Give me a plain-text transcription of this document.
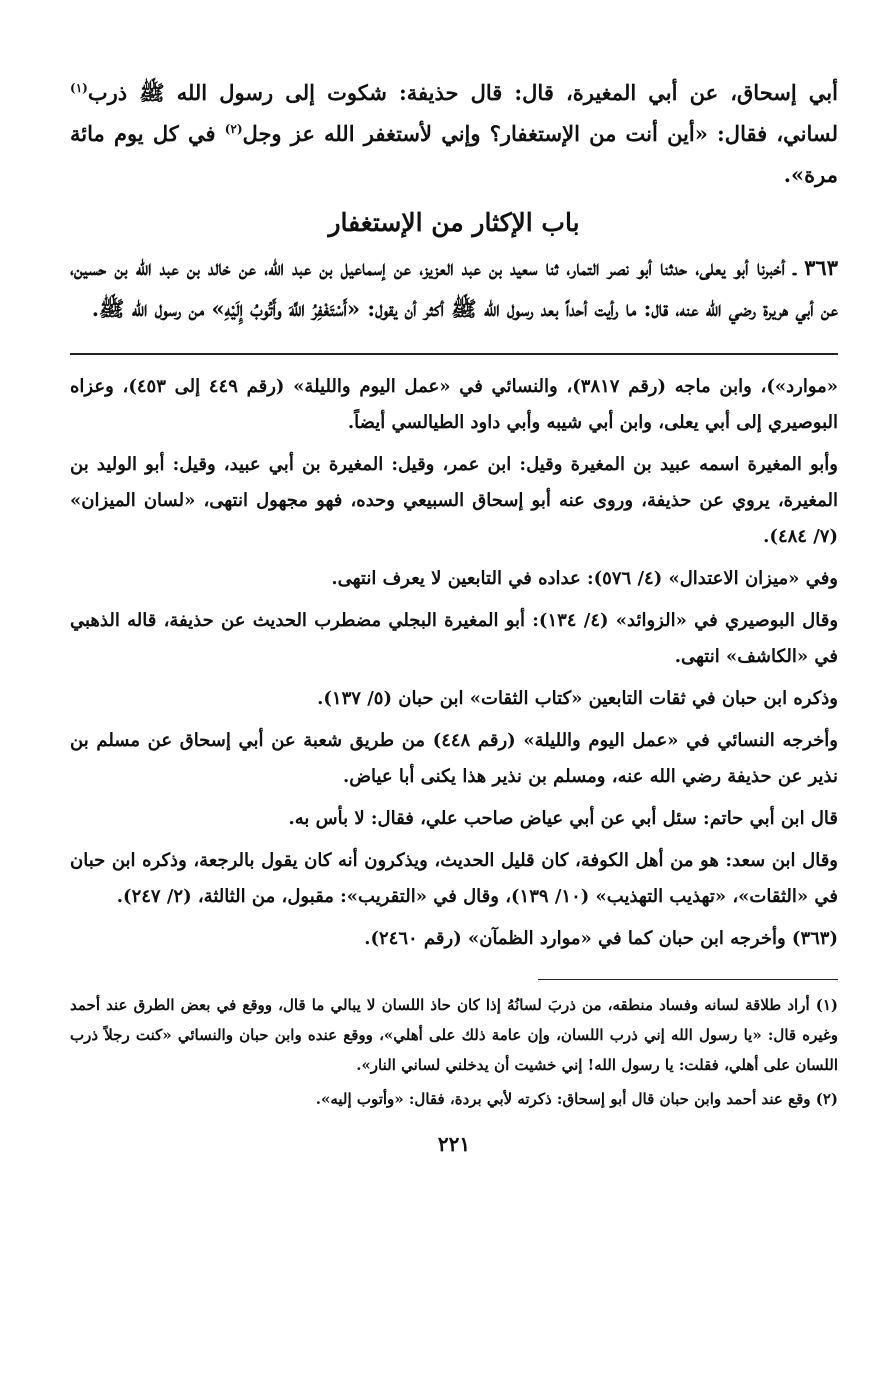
أبي إسحاق، عن أبي المغيرة، قال: قال حذيفة: شكوت إلى رسول الله ﷺ ذرب$^{(١)}$ لساني، فقال: «أين أنت من الإستغفار؟ وإني لأستغفر الله عز وجل$^{(٢)}$ في كل يوم مائة مرة».

باب الإكثار من الإستغفار

٣٦٣ ـ أخبرنا أبو يعلى، حدثنا أبو نصر التمار، ثنا سعيد بن عبد العزيز، عن إسماعيل بن عبد الله، عن خالد بن عبد الله بن حسين، عن أبي هريرة رضي الله عنه، قال: ما رأيت أحداً بعد رسول الله ﷺ أكثر أن يقول: «أَسْتَغْفِرُ اللَّهَ وأَتُوبُ إِلَيْهِ» من رسول الله ﷺ.

«موارد»)، وابن ماجه (رقم ٣٨١٧)، والنسائي في «عمل اليوم والليلة» (رقم ٤٤٩ إلى ٤٥٣)، وعزاه البوصيري إلى أبي يعلى، وابن أبي شيبه وأبي داود الطيالسي أيضاً.

وأبو المغيرة اسمه عبيد بن المغيرة وقيل: ابن عمر، وقيل: المغيرة بن أبي عبيد، وقيل: أبو الوليد بن المغيرة، يروي عن حذيفة، وروى عنه أبو إسحاق السبيعي وحده، فهو مجهول انتهى، «لسان الميزان» (٧/ ٤٨٤).

وفي «ميزان الاعتدال» (٤/ ٥٧٦): عداده في التابعين لا يعرف انتهى.

وقال البوصيري في «الزوائد» (٤/ ١٣٤): أبو المغيرة البجلي مضطرب الحديث عن حذيفة، قاله الذهبي في «الكاشف» انتهى.

وذكره ابن حبان في ثقات التابعين «كتاب الثقات» ابن حبان (٥/ ١٣٧).

وأخرجه النسائي في «عمل اليوم والليلة» (رقم ٤٤٨) من طريق شعبة عن أبي إسحاق عن مسلم بن نذير عن حذيفة رضي الله عنه، ومسلم بن نذير هذا يكنى أبا عياض.

قال ابن أبي حاتم: سئل أبي عن أبي عياض صاحب علي، فقال: لا بأس به.

وقال ابن سعد: هو من أهل الكوفة، كان قليل الحديث، ويذكرون أنه كان يقول بالرجعة، وذكره ابن حبان في «الثقات»، «تهذيب التهذيب» (١٠/ ١٣٩)، وقال في «التقريب»: مقبول، من الثالثة، (٢/ ٢٤٧).

(٣٦٣) وأخرجه ابن حبان كما في «موارد الظمآن» (رقم ٢٤٦٠).

(١) أراد طلاقة لسانه وفساد منطقه، من ذربَ لسانُهُ إذا كان حاذ اللسان لا يبالي ما قال، ووقع في بعض الطرق عند أحمد وغيره قال: «يا رسول الله إني ذرب اللسان، وإن عامة ذلك على أهلي»، ووقع عنده وابن حبان والنسائي «كنت رجلاً ذرب اللسان على أهلي، فقلت: يا رسول الله! إني خشيت أن يدخلني لساني النار».

(٢) وقع عند أحمد وابن حبان قال أبو إسحاق: ذكرته لأبي بردة، فقال: «وأتوب إليه».

٢٢١
